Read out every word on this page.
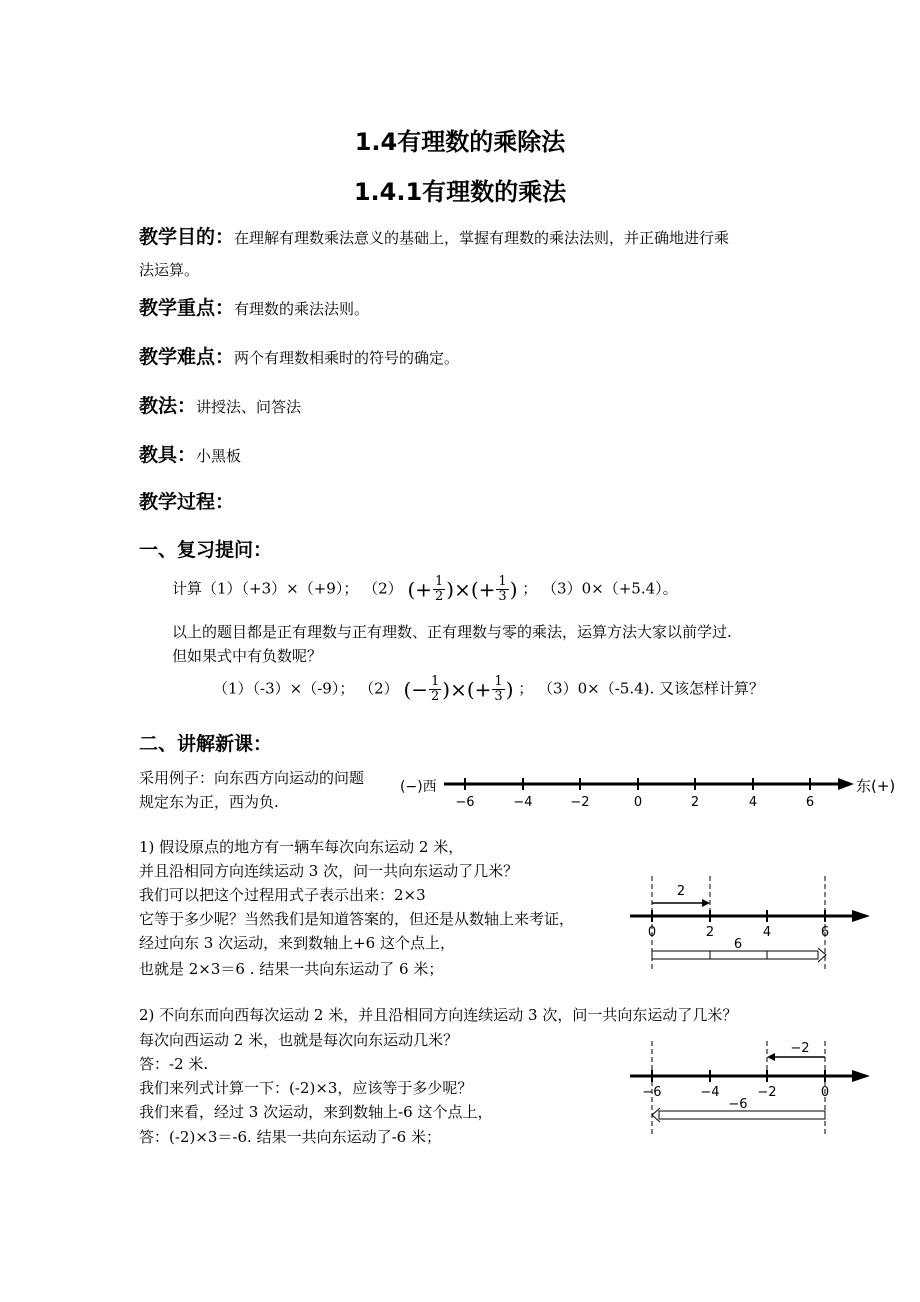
1.4有理数的乘除法
1.4.1有理数的乘法
教学目的：在理解有理数乘法意义的基础上，掌握有理数的乘法法则，并正确地进行乘
法运算。
教学重点：有理数的乘法法则。
教学难点：两个有理数相乘时的符号的确定。
教法：讲授法、问答法
教具：小黑板
教学过程：
一、复习提问：
计算（1）（+3）×（+9）； （2） (+ $\frac{1}{2}$ )×(+ $\frac{1}{3}$ ) ； （3）0×（+5.4）。
以上的题目都是正有理数与正有理数、正有理数与零的乘法，运算方法大家以前学过.
但如果式中有负数呢？
（1）（-3）×（-9）； （2） (− $\frac{1}{2}$ )×(+ $\frac{1}{3}$ ) ； （3）0×（-5.4). 又该怎样计算？
二、讲解新课：
采用例子：向东西方向运动的问题
规定东为正，西为负.
(−)西	东(+)
−6	−4	−2	0	2	4	6
1) 假设原点的地方有一辆车每次向东运动 2 米，
并且沿相同方向连续运动 3 次，问一共向东运动了几米？
我们可以把这个过程用式子表示出来：2×3
它等于多少呢？当然我们是知道答案的，但还是从数轴上来考证，
经过向东 3 次运动，来到数轴上+6 这个点上，
也就是 2×3＝6 . 结果一共向东运动了 6 米；
2
0	2	4	6
6
2) 不向东而向西每次运动 2 米，并且沿相同方向连续运动 3 次，问一共向东运动了几米？
每次向西运动 2 米，也就是每次向东运动几米？
答：-2 米.
我们来列式计算一下：(-2)×3，应该等于多少呢？
我们来看，经过 3 次运动，来到数轴上-6 这个点上，
答：(-2)×3＝-6. 结果一共向东运动了-6 米；
−2
−6	−4	−2	0
−6
